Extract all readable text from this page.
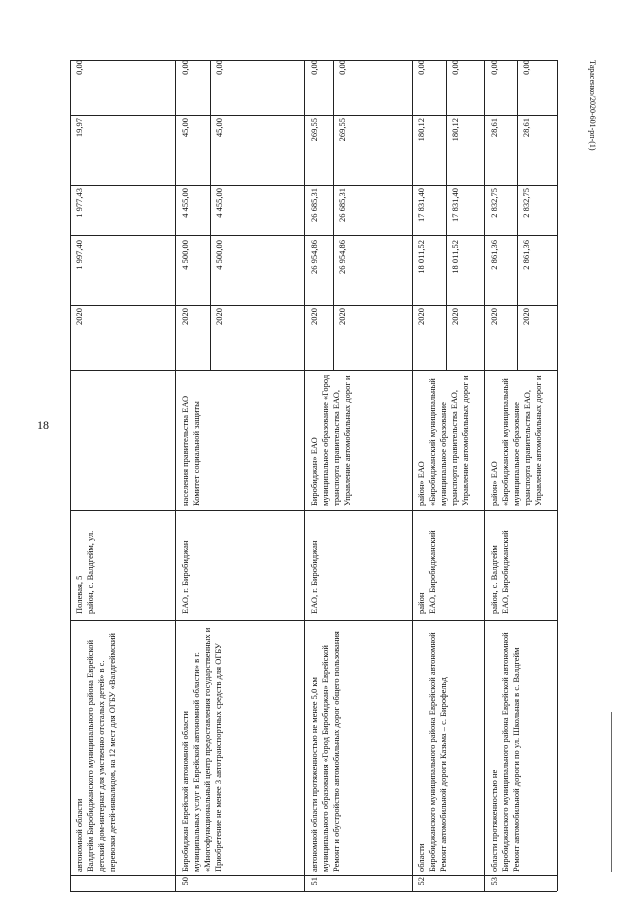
18
Тарасенко/2020-601-рп-(1)
0,00
19,97
1 977,43
1 997,40
2020
район, с. Валдгейм, ул. Полевая, 5
перевозки детей-инвалидов, на 12 мест для ОГБУ «Валдгеймский детский дом-интернат для умственно отсталых детей» в с. Валдгейм Биробиджанского муниципального района Еврейской автономной области
0,00
45,00
4 455,00
4 500,00
2020
0,00
45,00
4 455,00
4 500,00
2020
Комитет социальной защиты населения правительства ЕАО
ЕАО, г. Биробиджан
Приобретение не менее 3 автотранспортных средств для ОГБУ «Многофункциональный центр предоставления государственных и муниципальных услуг в Еврейской автономной области» в г. Биробиджан Еврейской автономной области
50
0,00
269,55
26 685,31
26 954,86
2020
0,00
269,55
26 685,31
26 954,86
2020
Управление автомобильных дорог и транспорта правительства ЕАО, муниципальное образование «Город Биробиджан» ЕАО
ЕАО, г. Биробиджан
Ремонт и обустройство автомобильных дорог общего пользования муниципального образования «Город Биробиджан» Еврейской автономной области протяженностью не менее 5,0 км
51
0,00
180,12
17 831,40
18 011,52
2020
0,00
180,12
17 831,40
18 011,52
2020
Управление автомобильных дорог и транспорта правительства ЕАО, муниципальное образование «Биробиджанский муниципальный район» ЕАО
ЕАО, Биробиджанский район
Ремонт автомобильной дороги Казьма – с. Бирофельд Биробиджанского муниципального района Еврейской автономной области
52
0,00
28,61
2 832,75
2 861,36
2020
0,00
28,61
2 832,75
2 861,36
2020
Управление автомобильных дорог и транспорта правительства ЕАО, муниципальное образование «Биробиджанский муниципальный район» ЕАО
ЕАО, Биробиджанский район, с. Валдгейм
Ремонт автомобильной дороги по ул. Школьная в с. Валдгейм Биробиджанского муниципального района Еврейской автономной области протяженностью не
53
